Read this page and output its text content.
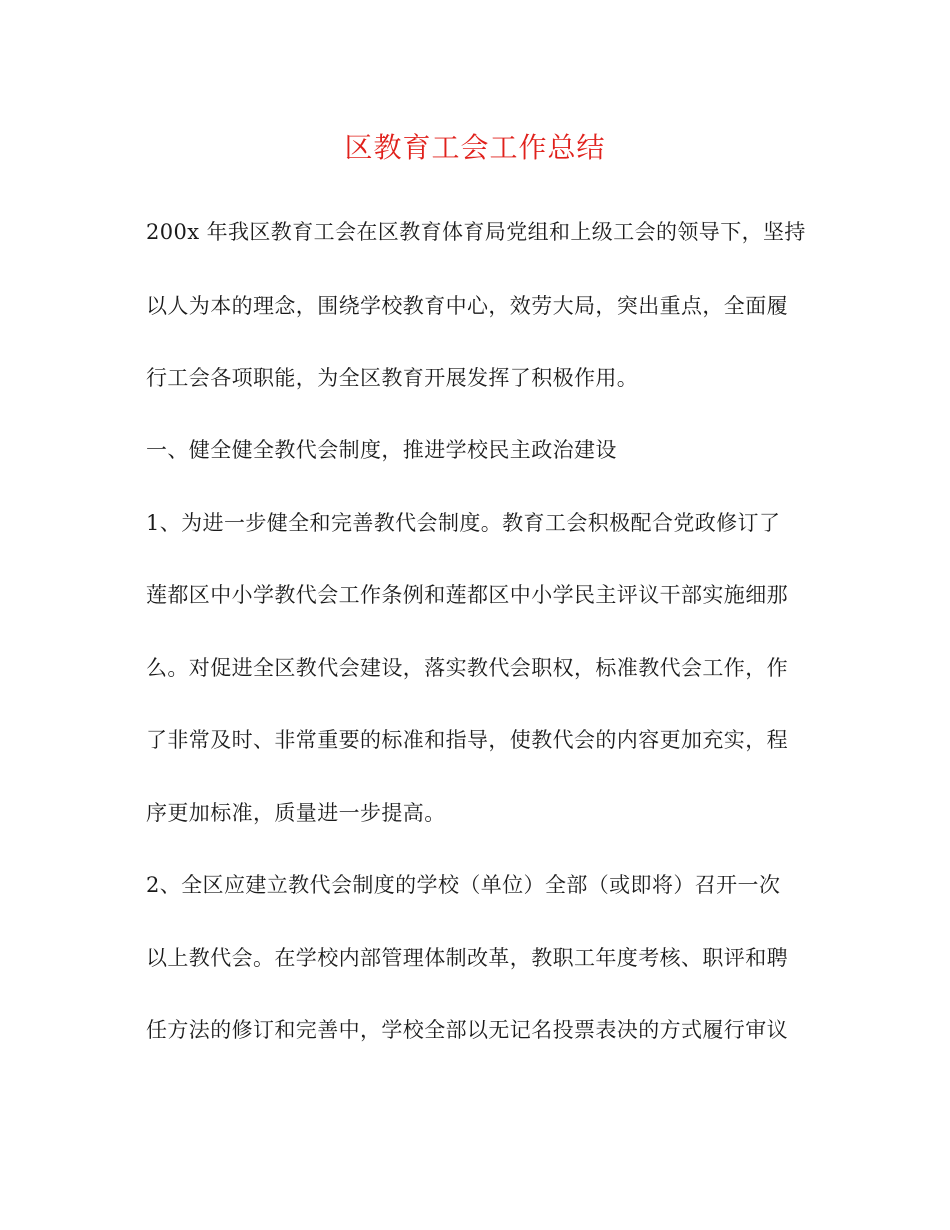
区教育工会工作总结

200x 年我区教育工会在区教育体育局党组和上级工会的领导下，坚持

以人为本的理念，围绕学校教育中心，效劳大局，突出重点，全面履

行工会各项职能，为全区教育开展发挥了积极作用。

一、健全健全教代会制度，推进学校民主政治建设

1、为进一步健全和完善教代会制度。教育工会积极配合党政修订了

莲都区中小学教代会工作条例和莲都区中小学民主评议干部实施细那

么。对促进全区教代会建设，落实教代会职权，标准教代会工作，作

了非常及时、非常重要的标准和指导，使教代会的内容更加充实，程

序更加标准，质量进一步提高。

2、全区应建立教代会制度的学校（单位）全部（或即将）召开一次

以上教代会。在学校内部管理体制改革，教职工年度考核、职评和聘

任方法的修订和完善中，学校全部以无记名投票表决的方式履行审议
